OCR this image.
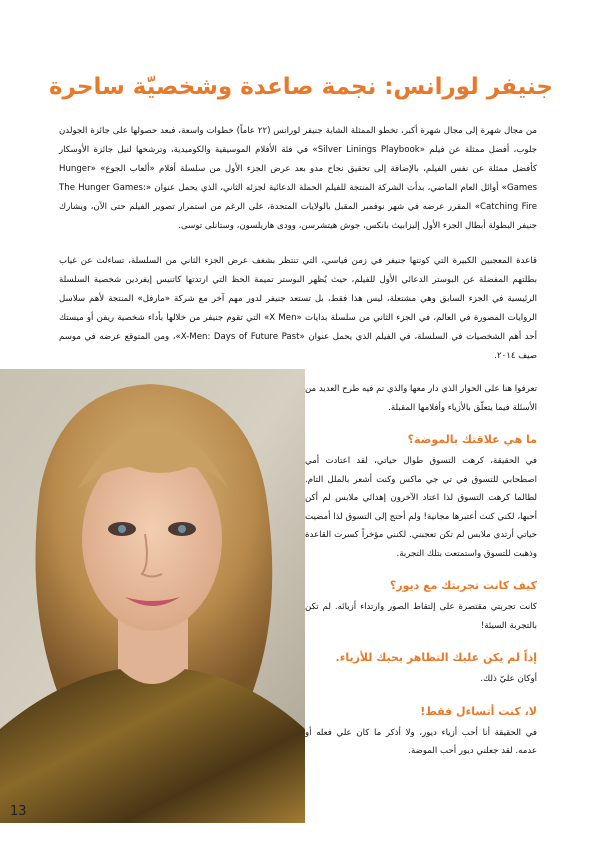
جنيفر لورانس: نجمة صاعدة وشخصيّة ساحرة

من مجال شهرة إلى مجال شهرة أكبر، تخطو الممثلة الشابة جنيفر لورانس (٢٢ عاماً) خطوات واسعة، فبعد حصولها على جائزة الجولدن جلوب، أفضل ممثلة عن فيلم «Silver Linings Playbook» في فئة الأفلام الموسيقية والكوميدية، وترشحها لنيل جائزة الأوسكار كأفضل ممثلة عن نفس الفيلم، بالإضافة إلى تحقيق نجاح مدو بعد عرض الجزء الأول من سلسلة أفلام «ألعاب الجوع» «Hunger Games» أوائل العام الماضي، بدأت الشركة المنتجة للفيلم الحملة الدعائية لجزئه الثاني، الذي يحمل عنوان «The Hunger Games: Catching Fire» المقرر عرضه في شهر نوفمبر المقبل بالولايات المتحدة، على الرغم من استمرار تصوير الفيلم حتى الآن، ويشارك جنيفر البطولة أبطال الجزء الأول إليزابيث بانكس، جوش هيتشرسن، وودى هاريلسون، وستانلى توسى.

قاعدة المعجبين الكبيرة التي كونتها جنيفر في زمن قياسي، التي تنتظر بشغف عرض الجزء الثاني من السلسلة، تساءلت عن غياب بطلتهم المفضلة عن البوستر الدعائي الأول للفيلم، حيث يُظهر البوستر تميمة الحظ التي ارتدتها كاتنيس إيفردين شخصية السلسلة الرئيسية في الجزء السابق وهي مشتعلة، ليس هذا فقط، بل تستعد جنيفر لدور مهم آخر مع شركة «مارفل» المنتجة لأهم سلاسل الروايات المصورة في العالم، في الجزء الثاني من سلسلة بدايات «X Men» التي تقوم جنيفر من خلالها بأداء شخصية ريفن أو ميستك أحد أهم الشخصيات في السلسلة، في الفيلم الذي يحمل عنوان «X-Men: Days of Future Past»، ومن المتوقع عرضه في موسم صيف ٢٠١٤.

تعرفوا هنا على الحوار الذي دار معها والذي تم فيه طرح العديد من الأسئلة فيما يتعلّق بالأزياء وأفلامها المقبلة.

ما هي علاقتك بالموضة؟

في الحقيقة، كرهت التسوق طوال حياتي، لقد اعتادت أمي اصطحابي للتسوق في تي جي ماكس وكنت أشعر بالملل التام. لطالما كرهت التسوق لذا اعتاد الآخرون إهدائي ملابس لم أكن أحبها، لكني كنت أعتبرها مجانية! ولم أحتج إلى التسوق لذا أمضيت حياتي أرتدي ملابس لم تكن تعجبني. لكنني مؤخراً كسرت القاعدة وذهبت للتسوق واستمتعت بتلك التجربة.

كيف كانت تجربتك مع ديور؟

كانت تجربتي مقتصرة على إلتقاط الصور وارتداء أزيائه. لم تكن بالتجربة السيئة!

إذاً لم يكن عليك التظاهر بحبك للأزياء.

أوكان عليّ ذلك.

لا، كنت أتساءل فقط!

في الحقيقة أنا أحب أزياء ديور، ولا أذكر ما كان علي فعله أو عدمه. لقد جعلني ديور أحب الموضة.

13
